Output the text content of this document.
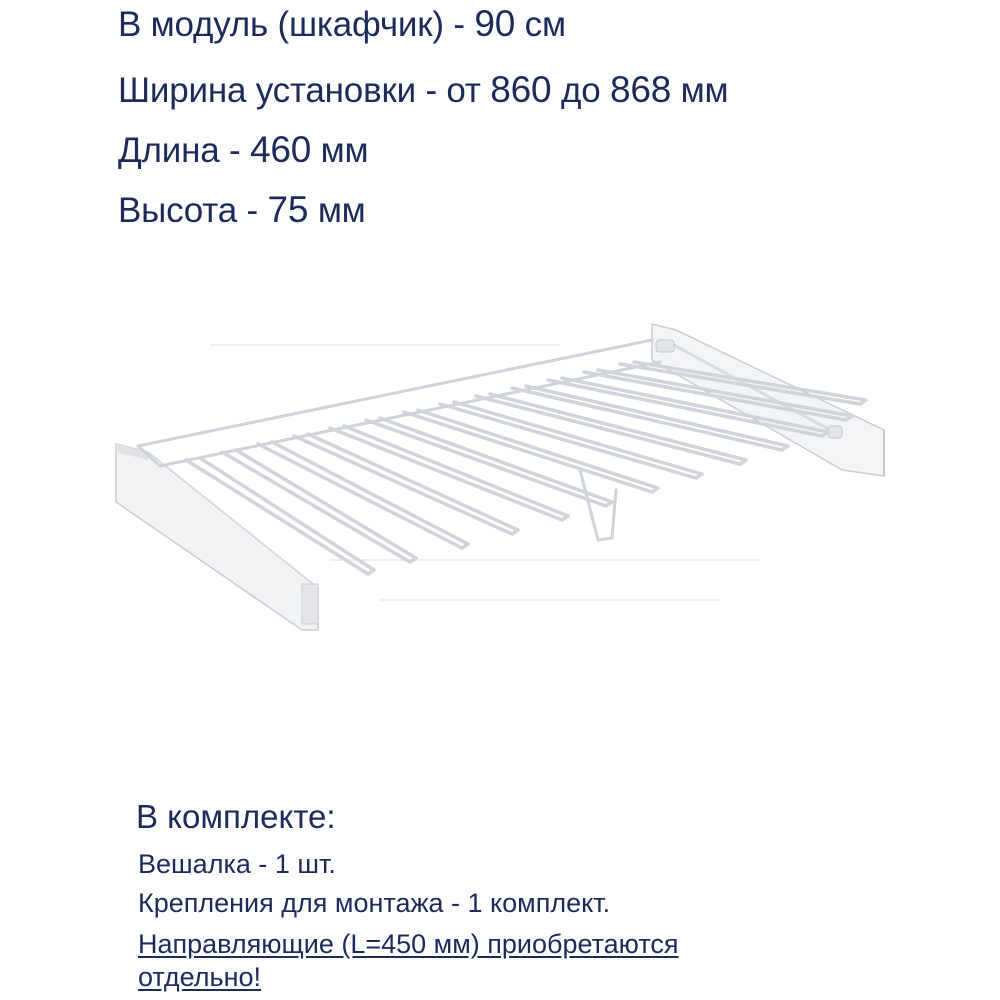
В модуль (шкафчик) - 90 см

Ширина установки - от 860 до 868 мм

Длина - 460 мм

Высота - 75 мм

В комплекте:

Вешалка - 1 шт.

Крепления для монтажа - 1 комплект.

Направляющие (L=450 мм) приобретаются

отдельно!
